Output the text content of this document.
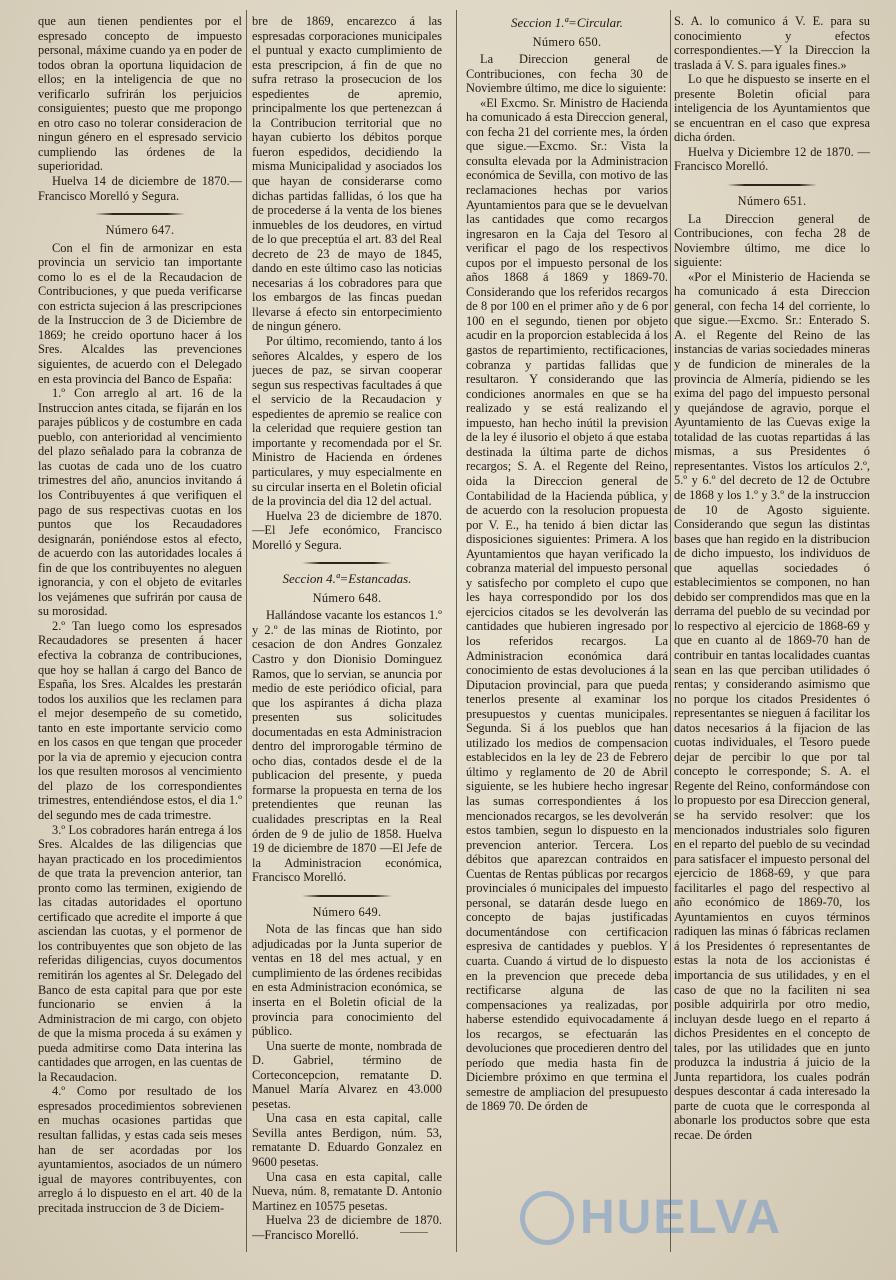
que aun tienen pendientes por el espresado concepto de impuesto personal, máxime cuando ya en poder de todos obran la oportuna liquidacion de ellos; en la inteligencia de que no verificarlo sufrirán los perjuicios consiguientes; puesto que me propongo en otro caso no tolerar consideracion de ningun género en el espresado servicio cumpliendo las órdenes de la superioridad.

Huelva 14 de diciembre de 1870.—Francisco Morelló y Segura.

Número 647.

Con el fin de armonizar en esta provincia un servicio tan importante como lo es el de la Recaudacion de Contribuciones, y que pueda verificarse con estricta sujecion á las prescripciones de la Instruccion de 3 de Diciembre de 1869; he creido oportuno hacer á los Sres. Alcaldes las prevenciones siguientes, de acuerdo con el Delegado en esta provincia del Banco de España:

1.º Con arreglo al art. 16 de la Instruccion antes citada, se fijarán en los parajes públicos y de costumbre en cada pueblo, con anterioridad al vencimiento del plazo señalado para la cobranza de las cuotas de cada uno de los cuatro trimestres del año, anuncios invitando á los Contribuyentes á que verifiquen el pago de sus respectivas cuotas en los puntos que los Recaudadores designarán, poniéndose estos al efecto, de acuerdo con las autoridades locales á fin de que los contribuyentes no aleguen ignorancia, y con el objeto de evitarles los vejámenes que sufrirán por causa de su morosidad.

2.º Tan luego como los espresados Recaudadores se presenten á hacer efectiva la cobranza de contribuciones, que hoy se hallan á cargo del Banco de España, los Sres. Alcaldes les prestarán todos los auxilios que les reclamen para el mejor desempeño de su cometido, tanto en este importante servicio como en los casos en que tengan que proceder por la via de apremio y ejecucion contra los que resulten morosos al vencimiento del plazo de los correspondientes trimestres, entendiéndose estos, el dia 1.º del segundo mes de cada trimestre.

3.º Los cobradores harán entrega á los Sres. Alcaldes de las diligencias que hayan practicado en los procedimientos de que trata la prevencion anterior, tan pronto como las terminen, exigiendo de las citadas autoridades el oportuno certificado que acredite el importe á que asciendan las cuotas, y el pormenor de los contribuyentes que son objeto de las referidas diligencias, cuyos documentos remitirán los agentes al Sr. Delegado del Banco de esta capital para que por este funcionario se envien á la Administracion de mi cargo, con objeto de que la misma proceda á su exámen y pueda admitirse como Data interina las cantidades que arrogen, en las cuentas de la Recaudacion.

4.º Como por resultado de los espresados procedimientos sobrevienen en muchas ocasiones partidas que resultan fallidas, y estas cada seis meses han de ser acordadas por los ayuntamientos, asociados de un número igual de mayores contribuyentes, con arreglo á lo dispuesto en el art. 40 de la precitada instruccion de 3 de Diciem-

bre de 1869, encarezco á las espresadas corporaciones municipales el puntual y exacto cumplimiento de esta prescripcion, á fin de que no sufra retraso la prosecucion de los espedientes de apremio, principalmente los que pertenezcan á la Contribucion territorial que no hayan cubierto los débitos porque fueron espedidos, decidiendo la misma Municipalidad y asociados los que hayan de considerarse como dichas partidas fallidas, ó los que ha de procederse á la venta de los bienes inmuebles de los deudores, en virtud de lo que preceptúa el art. 83 del Real decreto de 23 de mayo de 1845, dando en este último caso las noticias necesarias á los cobradores para que los embargos de las fincas puedan llevarse á efecto sin entorpecimiento de ningun género.

Por último, recomiendo, tanto á los señores Alcaldes, y espero de los jueces de paz, se sirvan cooperar segun sus respectivas facultades á que el servicio de la Recaudacion y espedientes de apremio se realice con la celeridad que requiere gestion tan importante y recomendada por el Sr. Ministro de Hacienda en órdenes particulares, y muy especialmente en su circular inserta en el Boletin oficial de la provincia del dia 12 del actual.

Huelva 23 de diciembre de 1870. —El Jefe económico, Francisco Morelló y Segura.

Seccion 4.ª=Estancadas.
Número 648.

Hallándose vacante los estancos 1.º y 2.º de las minas de Riotinto, por cesacion de don Andres Gonzalez Castro y don Dionisio Dominguez Ramos, que lo servian, se anuncia por medio de este periódico oficial, para que los aspirantes á dicha plaza presenten sus solicitudes documentadas en esta Administracion dentro del improrogable término de ocho dias, contados desde el de la publicacion del presente, y pueda formarse la propuesta en terna de los pretendientes que reunan las cualidades prescriptas en la Real órden de 9 de julio de 1858. Huelva 19 de diciembre de 1870 —El Jefe de la Administracion económica, Francisco Morelló.

Número 649.

Nota de las fincas que han sido adjudicadas por la Junta superior de ventas en 18 del mes actual, y en cumplimiento de las órdenes recibidas en esta Administracion económica, se inserta en el Boletin oficial de la provincia para conocimiento del público.

Una suerte de monte, nombrada de D. Gabriel, término de Corteconcepcion, rematante D. Manuel María Alvarez en 43.000 pesetas.

Una casa en esta capital, calle Sevilla antes Berdigon, núm. 53, rematante D. Eduardo Gonzalez en 9600 pesetas.

Una casa en esta capital, calle Nueva, núm. 8, rematante D. Antonio Martinez en 10575 pesetas.

Huelva 23 de diciembre de 1870. —Francisco Morelló.

Seccion 1.ª=Circular.
Número 650.

La Direccion general de Contribuciones, con fecha 30 de Noviembre último, me dice lo siguiente:

«El Excmo. Sr. Ministro de Hacienda ha comunicado á esta Direccion general, con fecha 21 del corriente mes, la órden que sigue.—Excmo. Sr.: Vista la consulta elevada por la Administracion económica de Sevilla, con motivo de las reclamaciones hechas por varios Ayuntamientos para que se le devuelvan las cantidades que como recargos ingresaron en la Caja del Tesoro al verificar el pago de los respectivos cupos por el impuesto personal de los años 1868 á 1869 y 1869-70. Considerando que los referidos recargos de 8 por 100 en el primer año y de 6 por 100 en el segundo, tienen por objeto acudir en la proporcion establecida á los gastos de repartimiento, rectificaciones, cobranza y partidas fallidas que resultaron. Y considerando que las condiciones anormales en que se ha realizado y se está realizando el impuesto, han hecho inútil la prevision de la ley é ilusorio el objeto á que estaba destinada la última parte de dichos recargos; S. A. el Regente del Reino, oida la Direccion general de Contabilidad de la Hacienda pública, y de acuerdo con la resolucion propuesta por V. E., ha tenido á bien dictar las disposiciones siguientes: Primera. A los Ayuntamientos que hayan verificado la cobranza material del impuesto personal y satisfecho por completo el cupo que les haya correspondido por los dos ejercicios citados se les devolverán las cantidades que hubieren ingresado por los referidos recargos. La Administracion económica dará conocimiento de estas devoluciones á la Diputacion provincial, para que pueda tenerlos presente al examinar los presupuestos y cuentas municipales. Segunda. Si á los pueblos que han utilizado los medios de compensacion establecidos en la ley de 23 de Febrero último y reglamento de 20 de Abril siguiente, se les hubiere hecho ingresar las sumas correspondientes á los mencionados recargos, se les devolverán estos tambien, segun lo dispuesto en la prevencion anterior. Tercera. Los débitos que aparezcan contraidos en Cuentas de Rentas públicas por recargos provinciales ó municipales del impuesto personal, se datarán desde luego en concepto de bajas justificadas documentándose con certificacion espresiva de cantidades y pueblos. Y cuarta. Cuando á virtud de lo dispuesto en la prevencion que precede deba rectificarse alguna de las compensaciones ya realizadas, por haberse estendido equivocadamente á los recargos, se efectuarán las devoluciones que procedieren dentro del período que media hasta fin de Diciembre próximo en que termina el semestre de ampliacion del presupuesto de 1869 70. De órden de

S. A. lo comunico á V. E. para su conocimiento y efectos correspondientes.—Y la Direccion la traslada á V. S. para iguales fines.»

Lo que he dispuesto se inserte en el presente Boletin oficial para inteligencia de los Ayuntamientos que se encuentran en el caso que expresa dicha órden.

Huelva y Diciembre 12 de 1870. —Francisco Morelló.

Número 651.

La Direccion general de Contribuciones, con fecha 28 de Noviembre último, me dice lo siguiente:

«Por el Ministerio de Hacienda se ha comunicado á esta Direccion general, con fecha 14 del corriente, lo que sigue.—Excmo. Sr.: Enterado S. A. el Regente del Reino de las instancias de varias sociedades mineras y de fundicion de minerales de la provincia de Almería, pidiendo se les exima del pago del impuesto personal y quejándose de agravio, porque el Ayuntamiento de las Cuevas exige la totalidad de las cuotas repartidas á las mismas, a sus Presidentes ó representantes. Vistos los artículos 2.º, 5.º y 6.º del decreto de 12 de Octubre de 1868 y los 1.º y 3.º de la instruccion de 10 de Agosto siguiente. Considerando que segun las distintas bases que han regido en la distribucion de dicho impuesto, los individuos de que aquellas sociedades ó establecimientos se componen, no han debido ser comprendidos mas que en la derrama del pueblo de su vecindad por lo respectivo al ejercicio de 1868-69 y que en cuanto al de 1869-70 han de contribuir en tantas localidades cuantas sean en las que perciban utilidades ó rentas; y considerando asimismo que no porque los citados Presidentes ó representantes se nieguen á facilitar los datos necesarios á la fijacion de las cuotas individuales, el Tesoro puede dejar de percibir lo que por tal concepto le corresponde; S. A. el Regente del Reino, conformándose con lo propuesto por esa Direccion general, se ha servido resolver: que los mencionados industriales solo figuren en el reparto del pueblo de su vecindad para satisfacer el impuesto personal del ejercicio de 1868-69, y que para facilitarles el pago del respectivo al año económico de 1869-70, los Ayuntamientos en cuyos términos radiquen las minas ó fábricas reclamen á los Presidentes ó representantes de estas la nota de los accionistas é importancia de sus utilidades, y en el caso de que no la faciliten ni sea posible adquirirla por otro medio, incluyan desde luego en el reparto á dichos Presidentes en el concepto de tales, por las utilidades que en junto produzca la industria á juicio de la Junta repartidora, los cuales podrán despues descontar á cada interesado la parte de cuota que le corresponda al abonarle los productos sobre que esta recae. De órden

HUELVA
